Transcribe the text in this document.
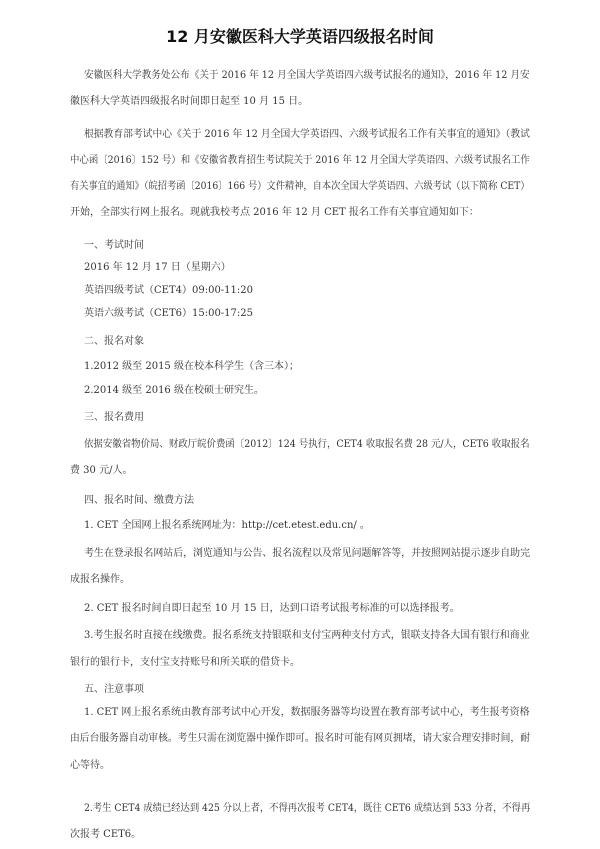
12 月安徽医科大学英语四级报名时间
安徽医科大学教务处公布《关于 2016 年 12 月全国大学英语四六级考试报名的通知》，2016 年 12 月安
徽医科大学英语四级报名时间即日起至 10 月 15 日。
根据教育部考试中心《关于 2016 年 12 月全国大学英语四、六级考试报名工作有关事宜的通知》（教试
中心函〔2016〕152 号）和《安徽省教育招生考试院关于 2016 年 12 月全国大学英语四、六级考试报名工作
有关事宜的通知》（皖招考函〔2016〕166 号）文件精神，自本次全国大学英语四、六级考试（以下简称 CET）
开始，全部实行网上报名。现就我校考点 2016 年 12 月 CET 报名工作有关事宜通知如下：
一、考试时间
2016 年 12 月 17 日（星期六）
英语四级考试（CET4）09:00-11:20
英语六级考试（CET6）15:00-17:25
二、报名对象
1.2012 级至 2015 级在校本科学生（含三本）；
2.2014 级至 2016 级在校硕士研究生。
三、报名费用
依据安徽省物价局、财政厅皖价费函〔2012〕124 号执行，CET4 收取报名费 28 元/人，CET6 收取报名
费 30 元/人。
四、报名时间、缴费方法
1. CET 全国网上报名系统网址为：http://cet.etest.edu.cn/ 。
考生在登录报名网站后，浏览通知与公告、报名流程以及常见问题解答等，并按照网站提示逐步自助完
成报名操作。
2. CET 报名时间自即日起至 10 月 15 日，达到口语考试报考标准的可以选择报考。
3.考生报名时直接在线缴费。报名系统支持银联和支付宝两种支付方式，银联支持各大国有银行和商业
银行的银行卡，支付宝支持账号和所关联的借贷卡。
五、注意事项
1. CET 网上报名系统由教育部考试中心开发，数据服务器等均设置在教育部考试中心，考生报考资格
由后台服务器自动审核。考生只需在浏览器中操作即可。报名时可能有网页拥堵，请大家合理安排时间，耐
心等待。
2.考生 CET4 成绩已经达到 425 分以上者，不得再次报考 CET4，既往 CET6 成绩达到 533 分者，不得再
次报考 CET6。
